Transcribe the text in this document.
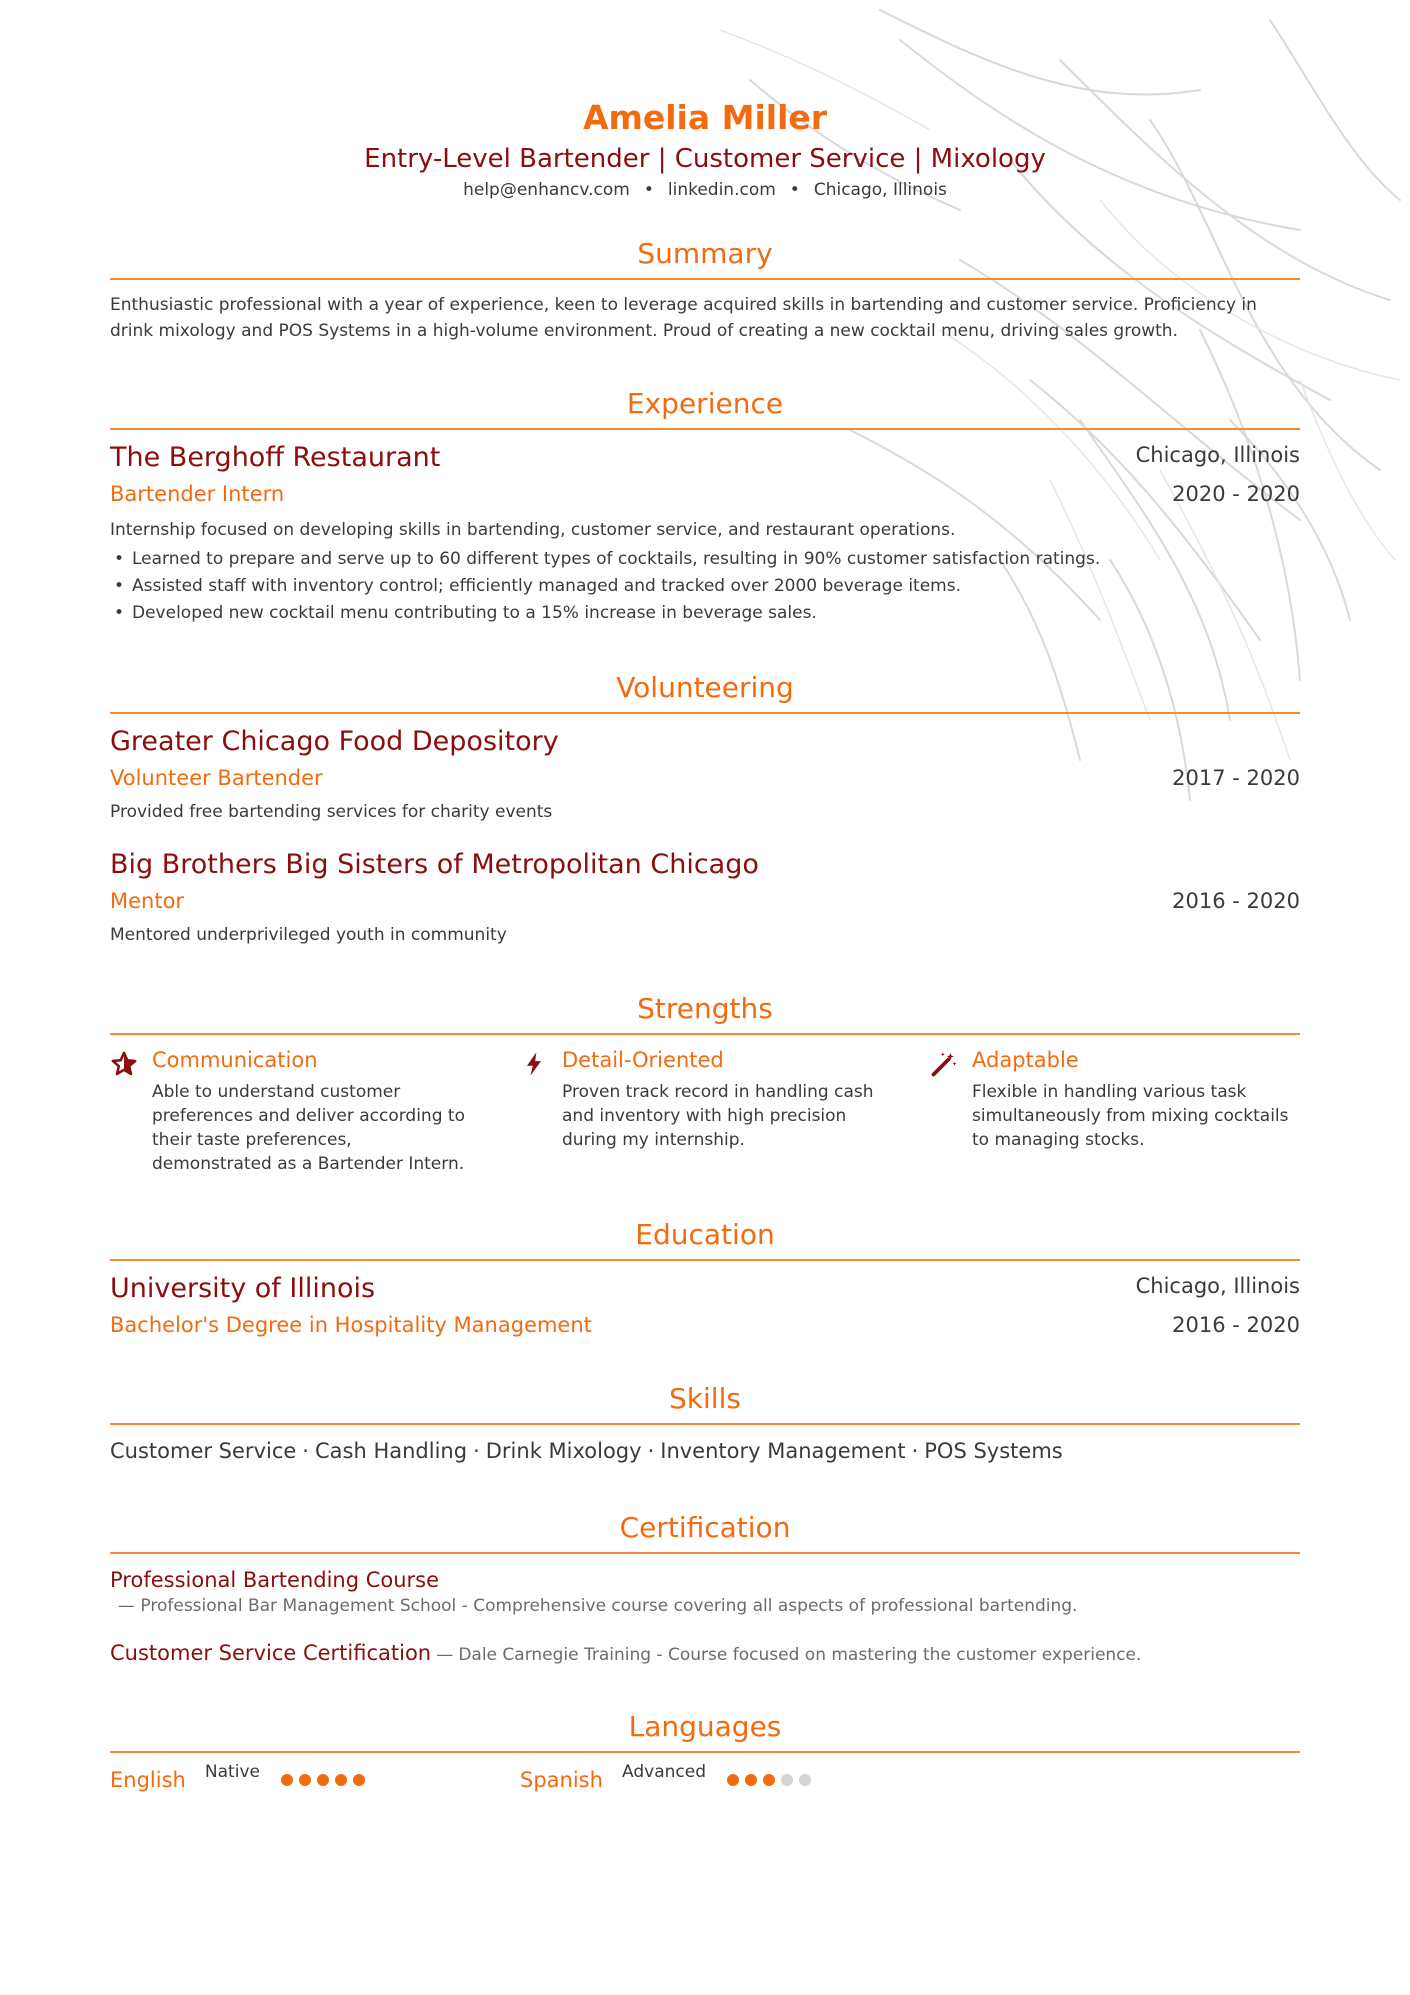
Amelia Miller
Entry-Level Bartender | Customer Service | Mixology
help@enhancv.com • linkedin.com • Chicago, Illinois
Summary
Enthusiastic professional with a year of experience, keen to leverage acquired skills in bartending and customer service. Proficiency in drink mixology and POS Systems in a high-volume environment. Proud of creating a new cocktail menu, driving sales growth.
Experience
The Berghoff Restaurant	Chicago, Illinois
Bartender Intern	2020 - 2020
Internship focused on developing skills in bartending, customer service, and restaurant operations.
• Learned to prepare and serve up to 60 different types of cocktails, resulting in 90% customer satisfaction ratings.
• Assisted staff with inventory control; efficiently managed and tracked over 2000 beverage items.
• Developed new cocktail menu contributing to a 15% increase in beverage sales.
Volunteering
Greater Chicago Food Depository
Volunteer Bartender	2017 - 2020
Provided free bartending services for charity events
Big Brothers Big Sisters of Metropolitan Chicago
Mentor	2016 - 2020
Mentored underprivileged youth in community
Strengths
Communication
Able to understand customer preferences and deliver according to their taste preferences, demonstrated as a Bartender Intern.
Detail-Oriented
Proven track record in handling cash and inventory with high precision during my internship.
Adaptable
Flexible in handling various task simultaneously from mixing cocktails to managing stocks.
Education
University of Illinois	Chicago, Illinois
Bachelor's Degree in Hospitality Management	2016 - 2020
Skills
Customer Service · Cash Handling · Drink Mixology · Inventory Management · POS Systems
Certification
Professional Bartending Course
— Professional Bar Management School - Comprehensive course covering all aspects of professional bartending.
Customer Service Certification — Dale Carnegie Training - Course focused on mastering the customer experience.
Languages
English Native	Spanish Advanced
